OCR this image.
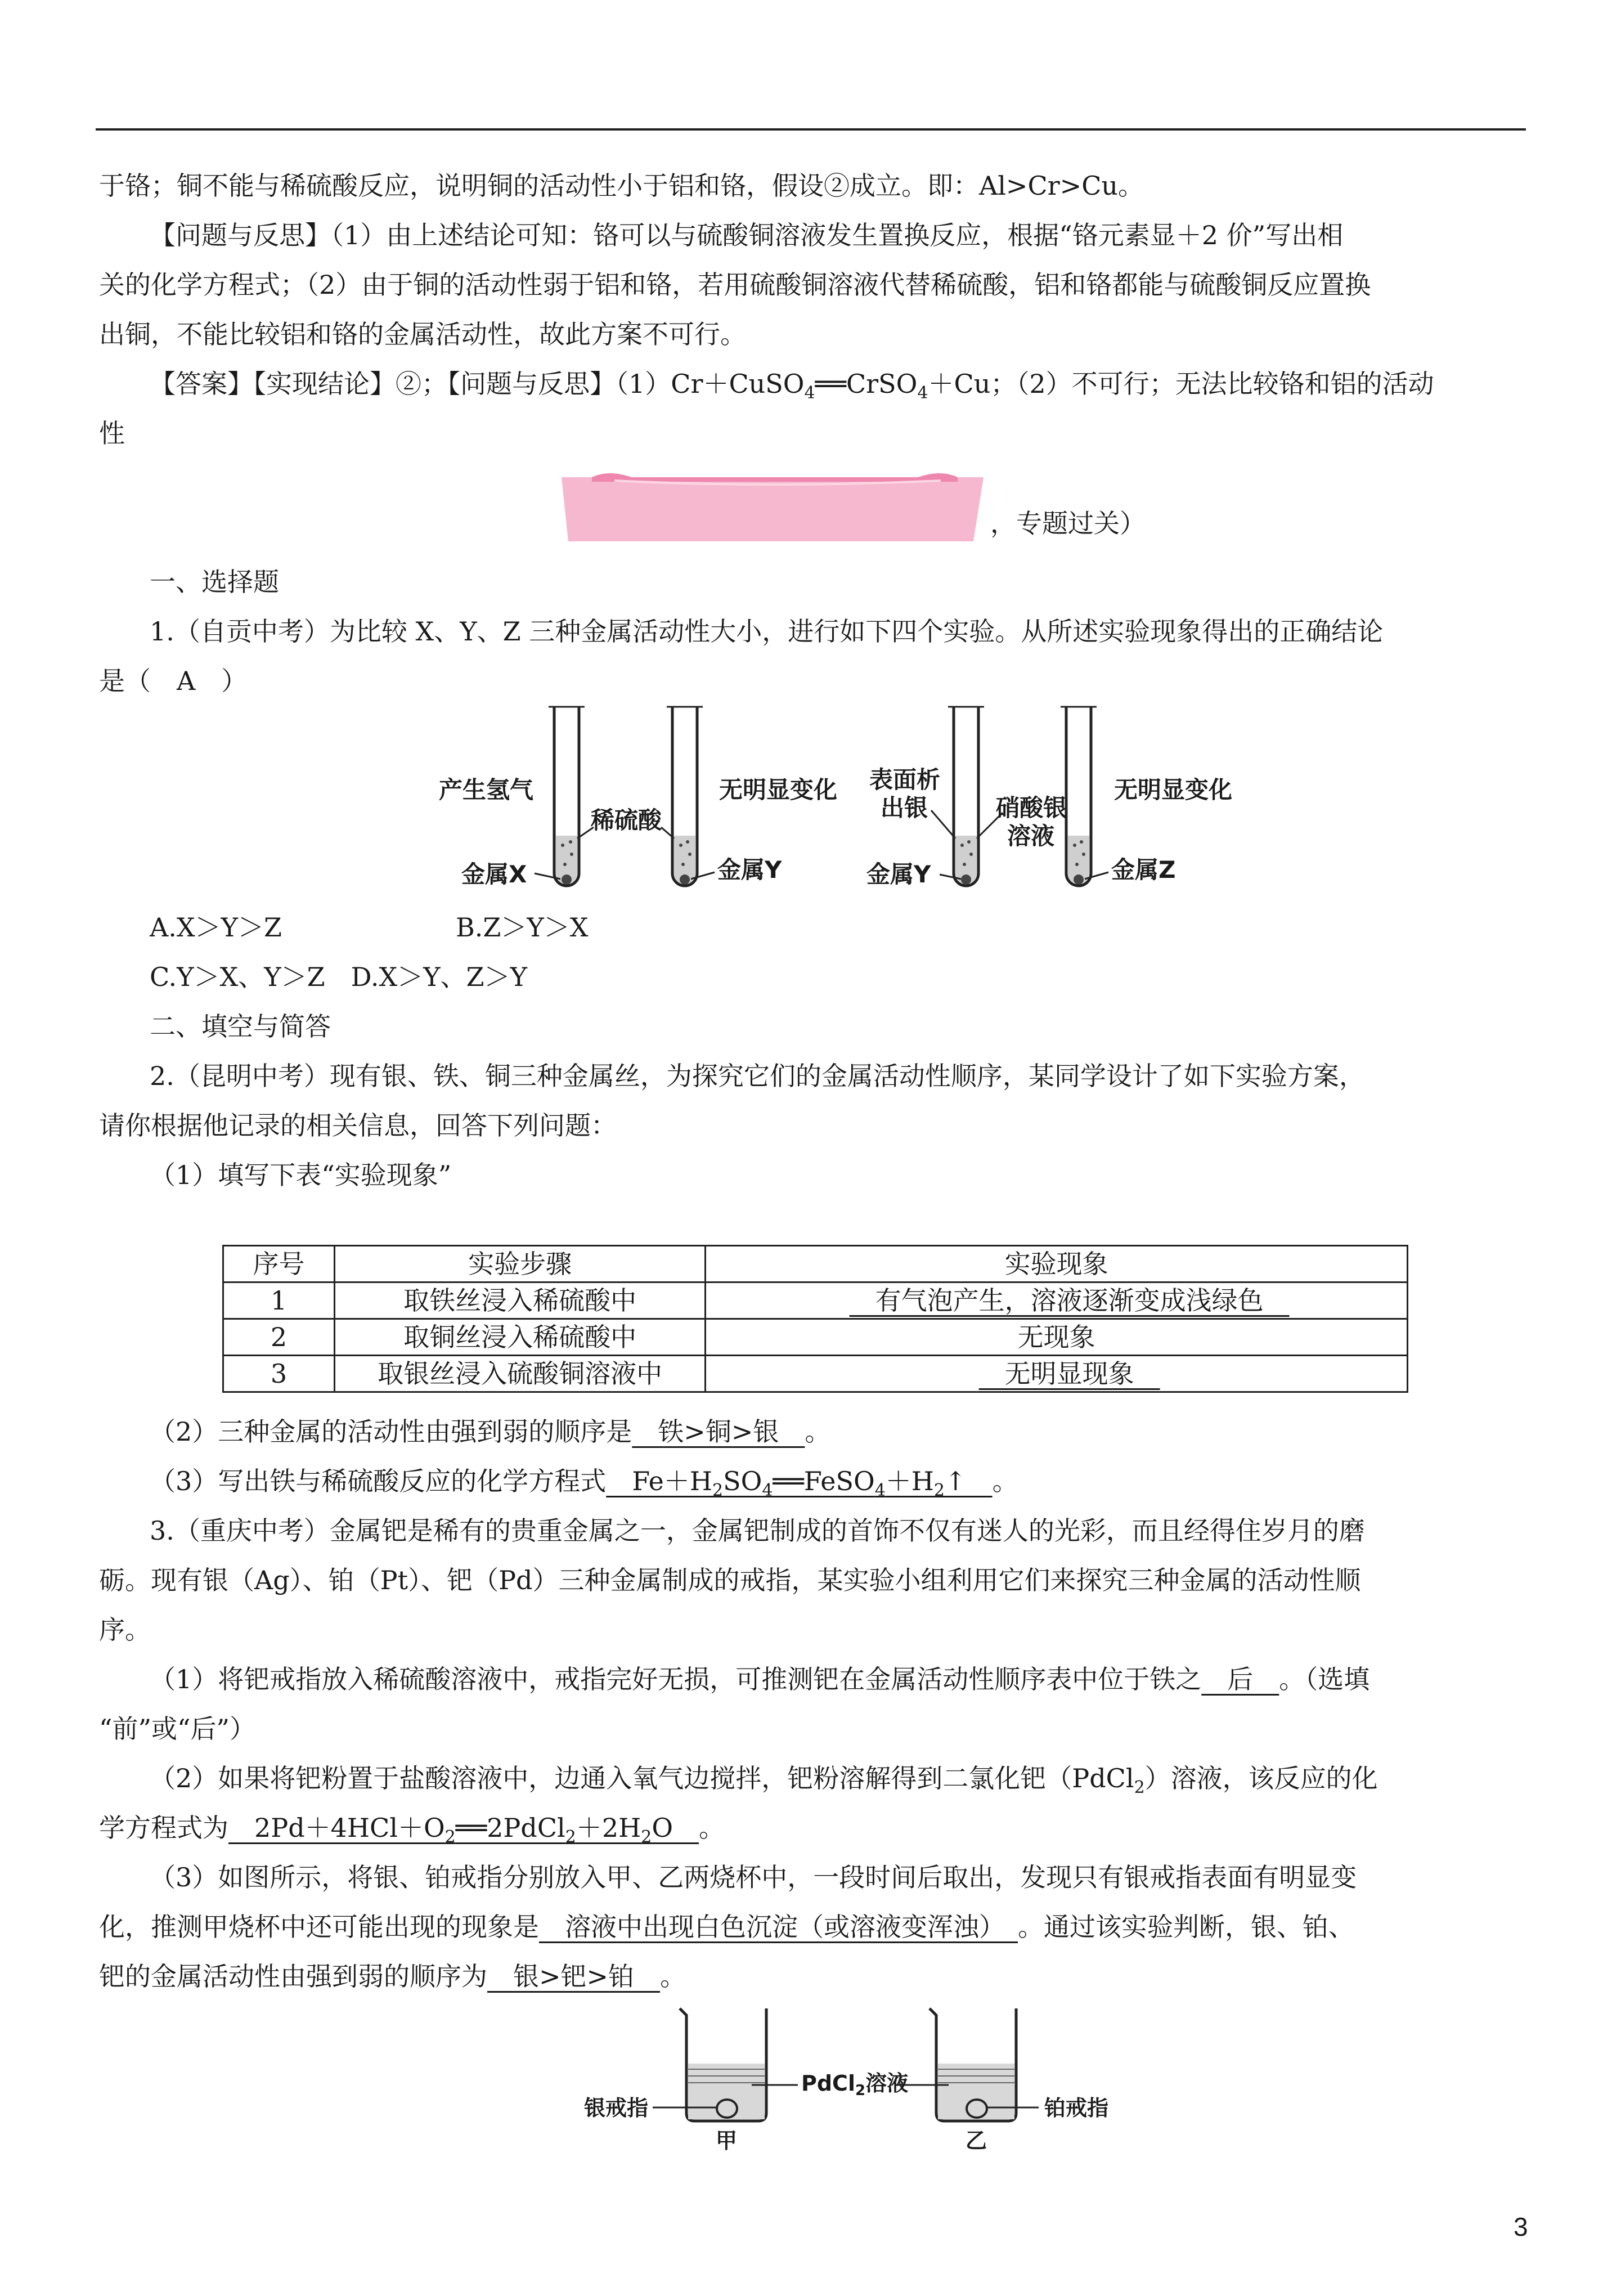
于铬；铜不能与稀硫酸反应，说明铜的活动性小于铝和铬，假设②成立。即：Al>Cr>Cu。
【问题与反思】（1）由上述结论可知：铬可以与硫酸铜溶液发生置换反应，根据“铬元素显＋2 价”写出相
关的化学方程式；（2）由于铜的活动性弱于铝和铬，若用硫酸铜溶液代替稀硫酸，铝和铬都能与硫酸铜反应置换
出铜，不能比较铝和铬的金属活动性，故此方案不可行。
【答案】【实现结论】②；【问题与反思】（1）Cr＋CuSO$_4$══CrSO$_4$＋Cu；（2）不可行；无法比较铬和铝的活动
性
，专题过关）
一、选择题
1.（自贡中考）为比较 X、Y、Z 三种金属活动性大小，进行如下四个实验。从所述实验现象得出的正确结论
是（　A　）
产生氢气
稀硫酸
无明显变化
金属X	金属Y
表面析
出银	硝酸银
溶液
无明显变化
金属Y	金属Z
A.X＞Y＞Z	B.Z＞Y＞X
C.Y＞X、Y＞Z　D.X＞Y、Z＞Y
二、填空与简答
2.（昆明中考）现有银、铁、铜三种金属丝，为探究它们的金属活动性顺序，某同学设计了如下实验方案，
请你根据他记录的相关信息，回答下列问题：
（1）填写下表“实验现象”
序号	实验步骤	实验现象
1	取铁丝浸入稀硫酸中	　有气泡产生，溶液逐渐变成浅绿色　
2	取铜丝浸入稀硫酸中	无现象
3	取银丝浸入硫酸铜溶液中	　无明显现象　
（2）三种金属的活动性由强到弱的顺序是　铁>铜>银　。
（3）写出铁与稀硫酸反应的化学方程式　$Fe+H_2SO_4══FeSO_4+H_2↑$　。
3.（重庆中考）金属钯是稀有的贵重金属之一，金属钯制成的首饰不仅有迷人的光彩，而且经得住岁月的磨
砺。现有银（Ag）、铂（Pt）、钯（Pd）三种金属制成的戒指，某实验小组利用它们来探究三种金属的活动性顺
序。
（1）将钯戒指放入稀硫酸溶液中，戒指完好无损，可推测钯在金属活动性顺序表中位于铁之　后　。（选填
“前”或“后”）
（2）如果将钯粉置于盐酸溶液中，边通入氧气边搅拌，钯粉溶解得到二氯化钯（PdCl$_2$）溶液，该反应的化
学方程式为　$2Pd+4HCl+O_2══2PdCl_2+2H_2O$　。
（3）如图所示，将银、铂戒指分别放入甲、乙两烧杯中，一段时间后取出，发现只有银戒指表面有明显变
化，推测甲烧杯中还可能出现的现象是　溶液中出现白色沉淀（或溶液变浑浊）　。通过该实验判断，银、铂、
钯的金属活动性由强到弱的顺序为　银>钯>铂　。
银戒指
PdCl$_2$溶液
铂戒指
甲	乙
3
